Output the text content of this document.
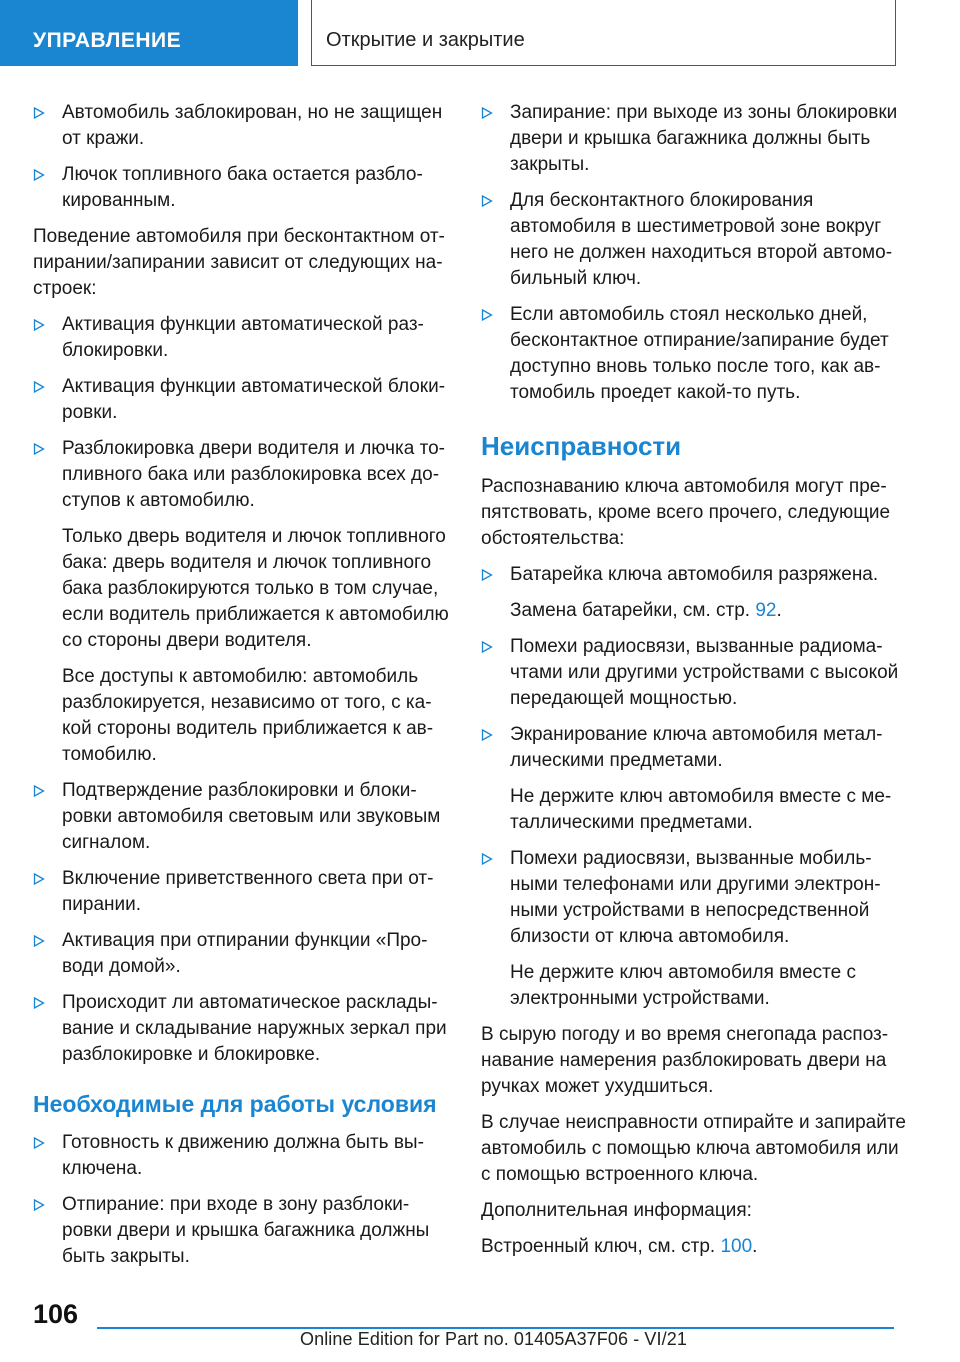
УПРАВЛЕНИЕ	Открытие и закрытие
Автомобиль заблокирован, но не защищен от кражи.
Лючок топливного бака остается разблокированным.
Поведение автомобиля при бесконтактном отпирании/запирании зависит от следующих настроек:
Активация функции автоматической разблокировки.
Активация функции автоматической блокировки.
Разблокировка двери водителя и лючка топливного бака или разблокировка всех доступов к автомобилю.
Только дверь водителя и лючок топливного бака: дверь водителя и лючок топливного бака разблокируются только в том случае, если водитель приближается к автомобилю со стороны двери водителя.
Все доступы к автомобилю: автомобиль разблокируется, независимо от того, с какой стороны водитель приближается к автомобилю.
Подтверждение разблокировки и блокировки автомобиля световым или звуковым сигналом.
Включение приветственного света при отпирании.
Активация при отпирании функции «Проводи домой».
Происходит ли автоматическое раскладывание и складывание наружных зеркал при разблокировке и блокировке.
Необходимые для работы условия
Готовность к движению должна быть выключена.
Отпирание: при входе в зону разблокировки двери и крышка багажника должны быть закрыты.
Запирание: при выходе из зоны блокировки двери и крышка багажника должны быть закрыты.
Для бесконтактного блокирования автомобиля в шестиметровой зоне вокруг него не должен находиться второй автомобильный ключ.
Если автомобиль стоял несколько дней, бесконтактное отпирание/запирание будет доступно вновь только после того, как автомобиль проедет какой-то путь.
Неисправности
Распознаванию ключа автомобиля могут препятствовать, кроме всего прочего, следующие обстоятельства:
Батарейка ключа автомобиля разряжена.
Замена батарейки, см. стр. 92.
Помехи радиосвязи, вызванные радиомачтами или другими устройствами с высокой передающей мощностью.
Экранирование ключа автомобиля металлическими предметами.
Не держите ключ автомобиля вместе с металлическими предметами.
Помехи радиосвязи, вызванные мобильными телефонами или другими электронными устройствами в непосредственной близости от ключа автомобиля.
Не держите ключ автомобиля вместе с электронными устройствами.
В сырую погоду и во время снегопада распознавание намерения разблокировать двери на ручках может ухудшиться.
В случае неисправности отпирайте и запирайте автомобиль с помощью ключа автомобиля или с помощью встроенного ключа.
Дополнительная информация:
Встроенный ключ, см. стр. 100.
106
Online Edition for Part no. 01405A37F06 - VI/21
